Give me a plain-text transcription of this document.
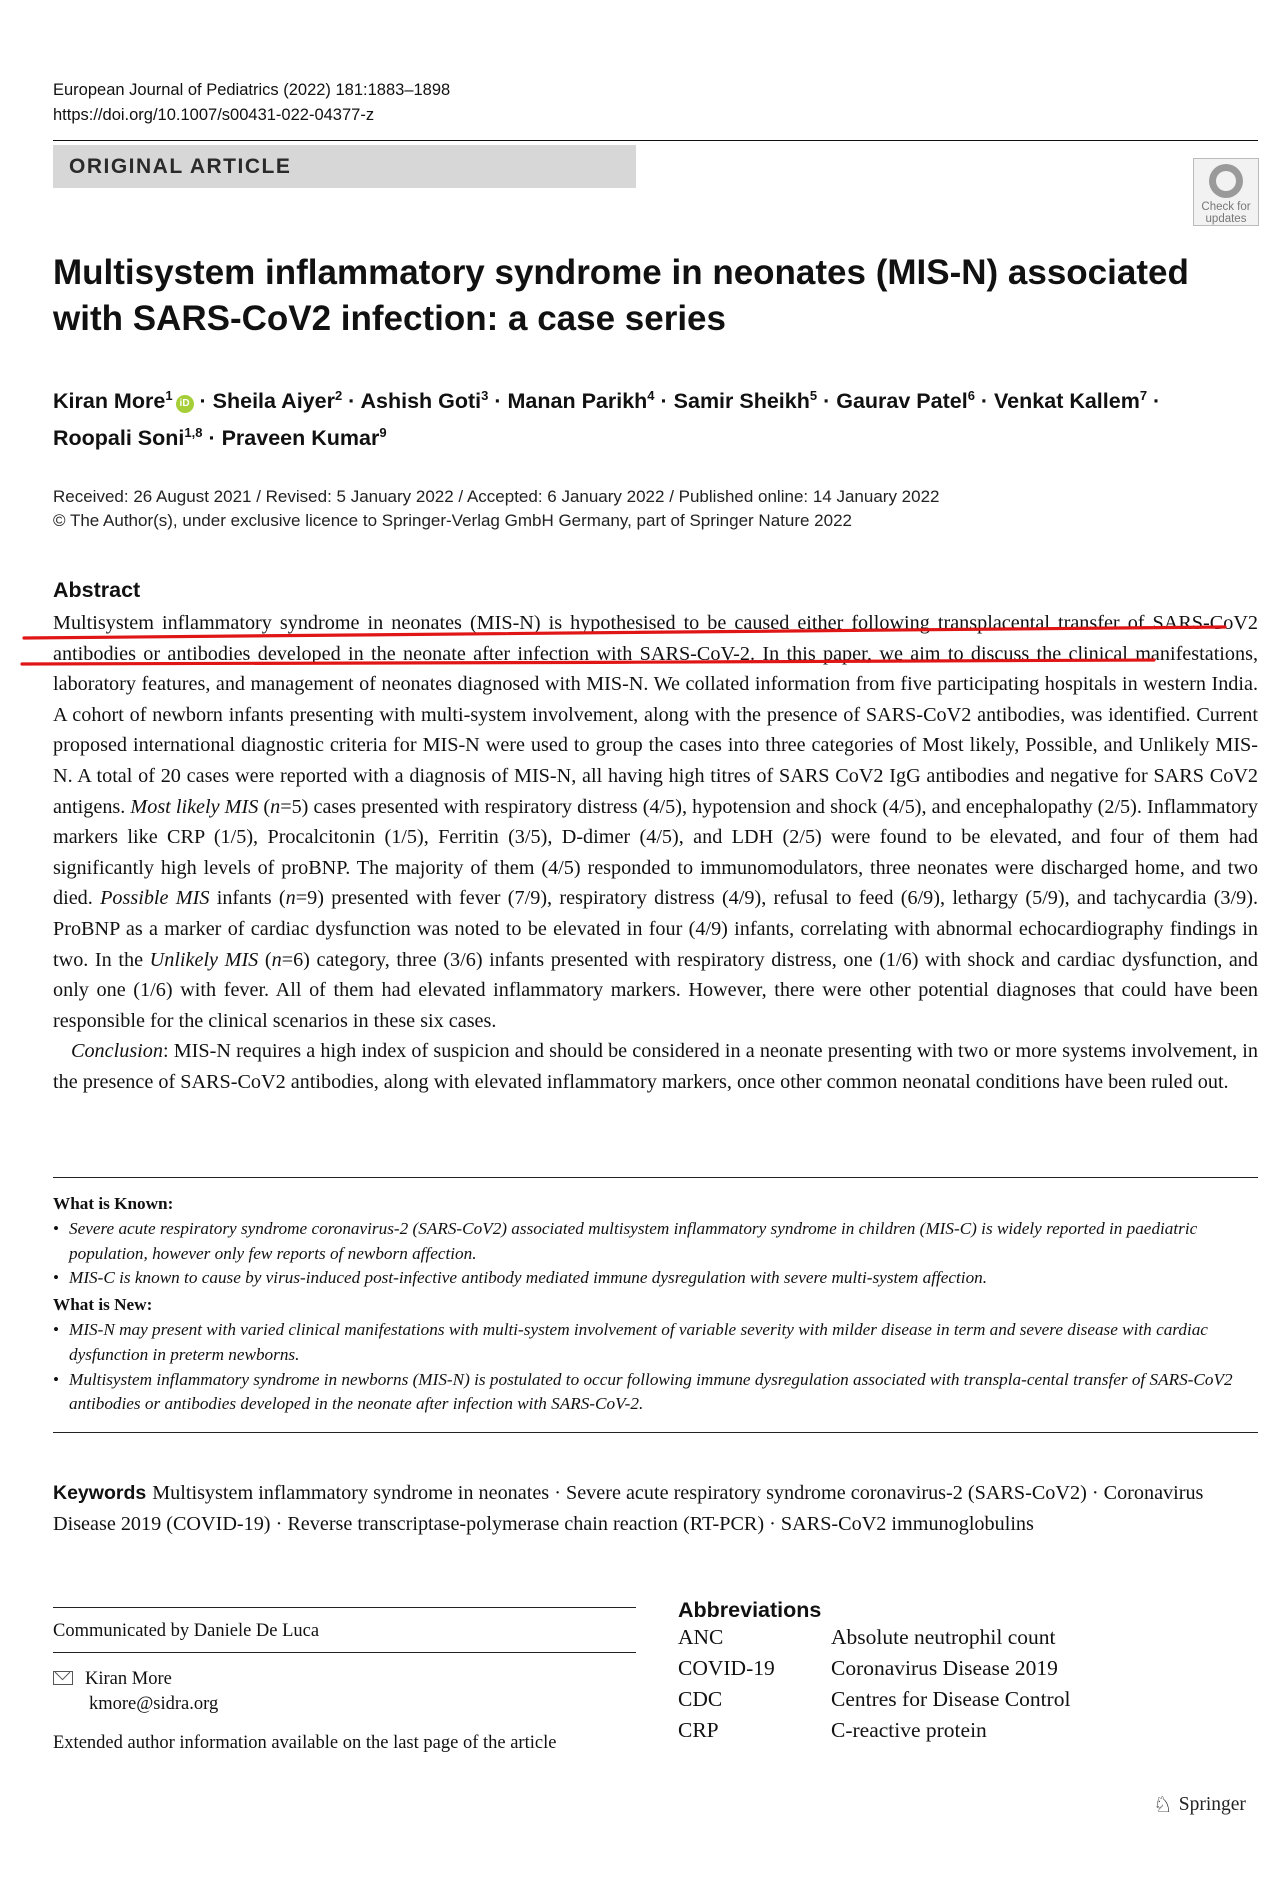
European Journal of Pediatrics (2022) 181:1883–1898
https://doi.org/10.1007/s00431-022-04377-z
ORIGINAL ARTICLE
Check for updates
Multisystem inflammatory syndrome in neonates (MIS-N) associated with SARS-CoV2 infection: a case series
Kiran More$^1$iD · Sheila Aiyer$^2$ · Ashish Goti$^3$ · Manan Parikh$^4$ · Samir Sheikh$^5$ · Gaurav Patel$^6$ · Venkat Kallem$^7$ ·
Roopali Soni$^{1,8}$ · Praveen Kumar$^9$
Received: 26 August 2021 / Revised: 5 January 2022 / Accepted: 6 January 2022 / Published online: 14 January 2022
© The Author(s), under exclusive licence to Springer-Verlag GmbH Germany, part of Springer Nature 2022
Abstract

Multisystem inflammatory syndrome in neonates (MIS-N) is hypothesised to be caused either following transplacental transfer of SARS-CoV2 antibodies or antibodies developed in the neonate after infection with SARS-CoV-2. In this paper, we aim to discuss the clinical manifestations, laboratory features, and management of neonates diagnosed with MIS-N. We collated information from five participating hospitals in western India. A cohort of newborn infants presenting with multi-system involvement, along with the presence of SARS-CoV2 antibodies, was identified. Current proposed international diagnostic criteria for MIS-N were used to group the cases into three categories of Most likely, Possible, and Unlikely MIS-N. A total of 20 cases were reported with a diagnosis of MIS-N, all having high titres of SARS CoV2 IgG antibodies and negative for SARS CoV2 antigens. Most likely MIS (n=5) cases presented with respiratory distress (4/5), hypotension and shock (4/5), and encephalopathy (2/5). Inflammatory markers like CRP (1/5), Procalcitonin (1/5), Ferritin (3/5), D-dimer (4/5), and LDH (2/5) were found to be elevated, and four of them had significantly high levels of proBNP. The majority of them (4/5) responded to immunomodulators, three neonates were discharged home, and two died. Possible MIS infants (n=9) presented with fever (7/9), respiratory distress (4/9), refusal to feed (6/9), lethargy (5/9), and tachycardia (3/9). ProBNP as a marker of cardiac dysfunction was noted to be elevated in four (4/9) infants, correlating with abnormal echocardiography findings in two. In the Unlikely MIS (n=6) category, three (3/6) infants presented with respiratory distress, one (1/6) with shock and cardiac dysfunction, and only one (1/6) with fever. All of them had elevated inflammatory markers. However, there were other potential diagnoses that could have been responsible for the clinical scenarios in these six cases.

Conclusion: MIS-N requires a high index of suspicion and should be considered in a neonate presenting with two or more systems involvement, in the presence of SARS-CoV2 antibodies, along with elevated inflammatory markers, once other common neonatal conditions have been ruled out.

What is Known:
• Severe acute respiratory syndrome coronavirus-2 (SARS-CoV2) associated multisystem inflammatory syndrome in children (MIS-C) is widely reported in paediatric population, however only few reports of newborn affection.
• MIS-C is known to cause by virus-induced post-infective antibody mediated immune dysregulation with severe multi-system affection.
What is New:
• MIS-N may present with varied clinical manifestations with multi-system involvement of variable severity with milder disease in term and severe disease with cardiac dysfunction in preterm newborns.
• Multisystem inflammatory syndrome in newborns (MIS-N) is postulated to occur following immune dysregulation associated with transpla-cental transfer of SARS-CoV2 antibodies or antibodies developed in the neonate after infection with SARS-CoV-2.
Keywords Multisystem inflammatory syndrome in neonates · Severe acute respiratory syndrome coronavirus-2 (SARS-CoV2) · Coronavirus Disease 2019 (COVID-19) · Reverse transcriptase-polymerase chain reaction (RT-PCR) · SARS-CoV2 immunoglobulins
Communicated by Daniele De Luca
Kiran More
kmore@sidra.org
Extended author information available on the last page of the article
Abbreviations
ANC	Absolute neutrophil count
COVID-19	Coronavirus Disease 2019
CDC	Centres for Disease Control
CRP	C-reactive protein
♘ Springer
